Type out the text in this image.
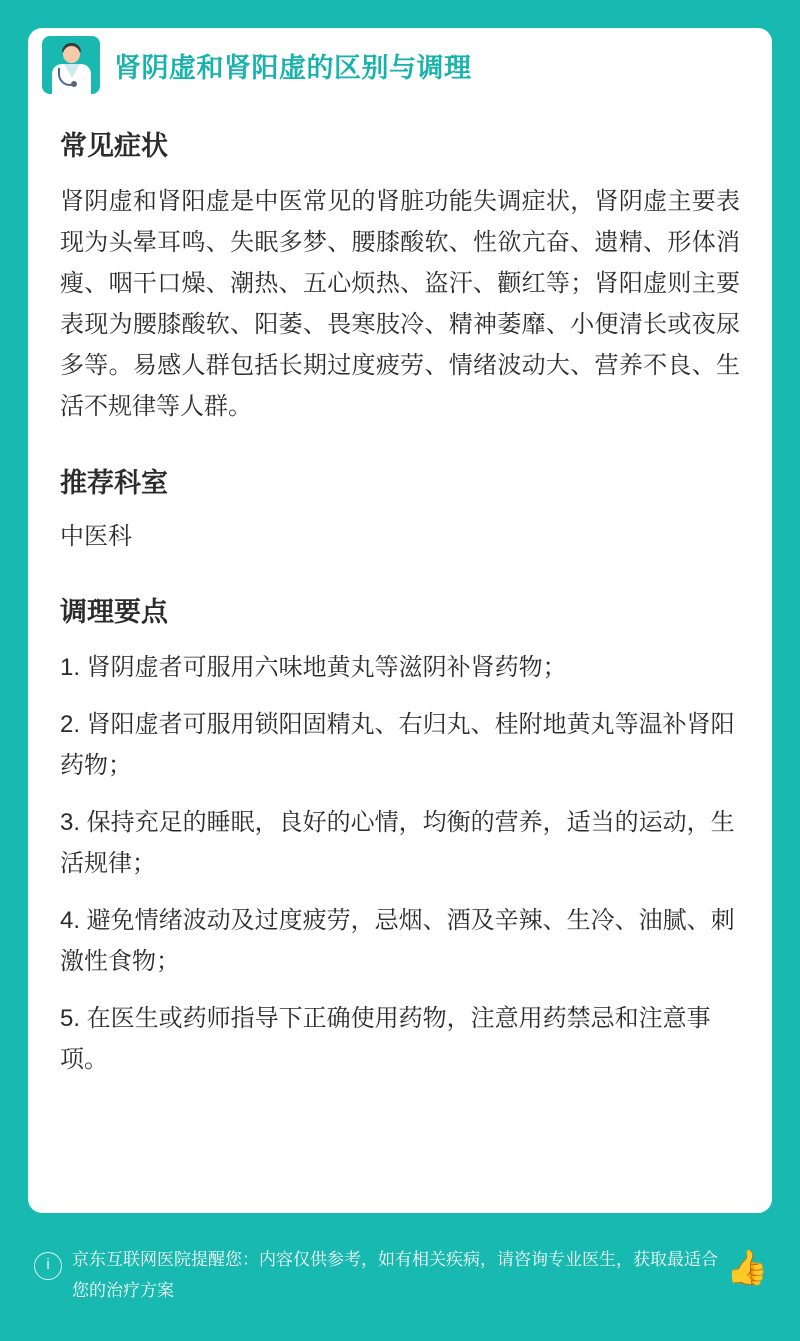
肾阴虚和肾阳虚的区别与调理
常见症状

肾阴虚和肾阳虚是中医常见的肾脏功能失调症状，肾阴虚主要表现为头晕耳鸣、失眠多梦、腰膝酸软、性欲亢奋、遗精、形体消瘦、咽干口燥、潮热、五心烦热、盗汗、颧红等；肾阳虚则主要表现为腰膝酸软、阳萎、畏寒肢冷、精神萎靡、小便清长或夜尿多等。易感人群包括长期过度疲劳、情绪波动大、营养不良、生活不规律等人群。

推荐科室

中医科

调理要点
1. 肾阴虚者可服用六味地黄丸等滋阴补肾药物；
2. 肾阳虚者可服用锁阳固精丸、右归丸、桂附地黄丸等温补肾阳药物；
3. 保持充足的睡眠，良好的心情，均衡的营养，适当的运动，生活规律；
4. 避免情绪波动及过度疲劳，忌烟、酒及辛辣、生冷、油腻、刺激性食物；
5. 在医生或药师指导下正确使用药物，注意用药禁忌和注意事项。
i	京东互联网医院提醒您：内容仅供参考，如有相关疾病，请咨询专业医生，获取最适合您的治疗方案
👍
